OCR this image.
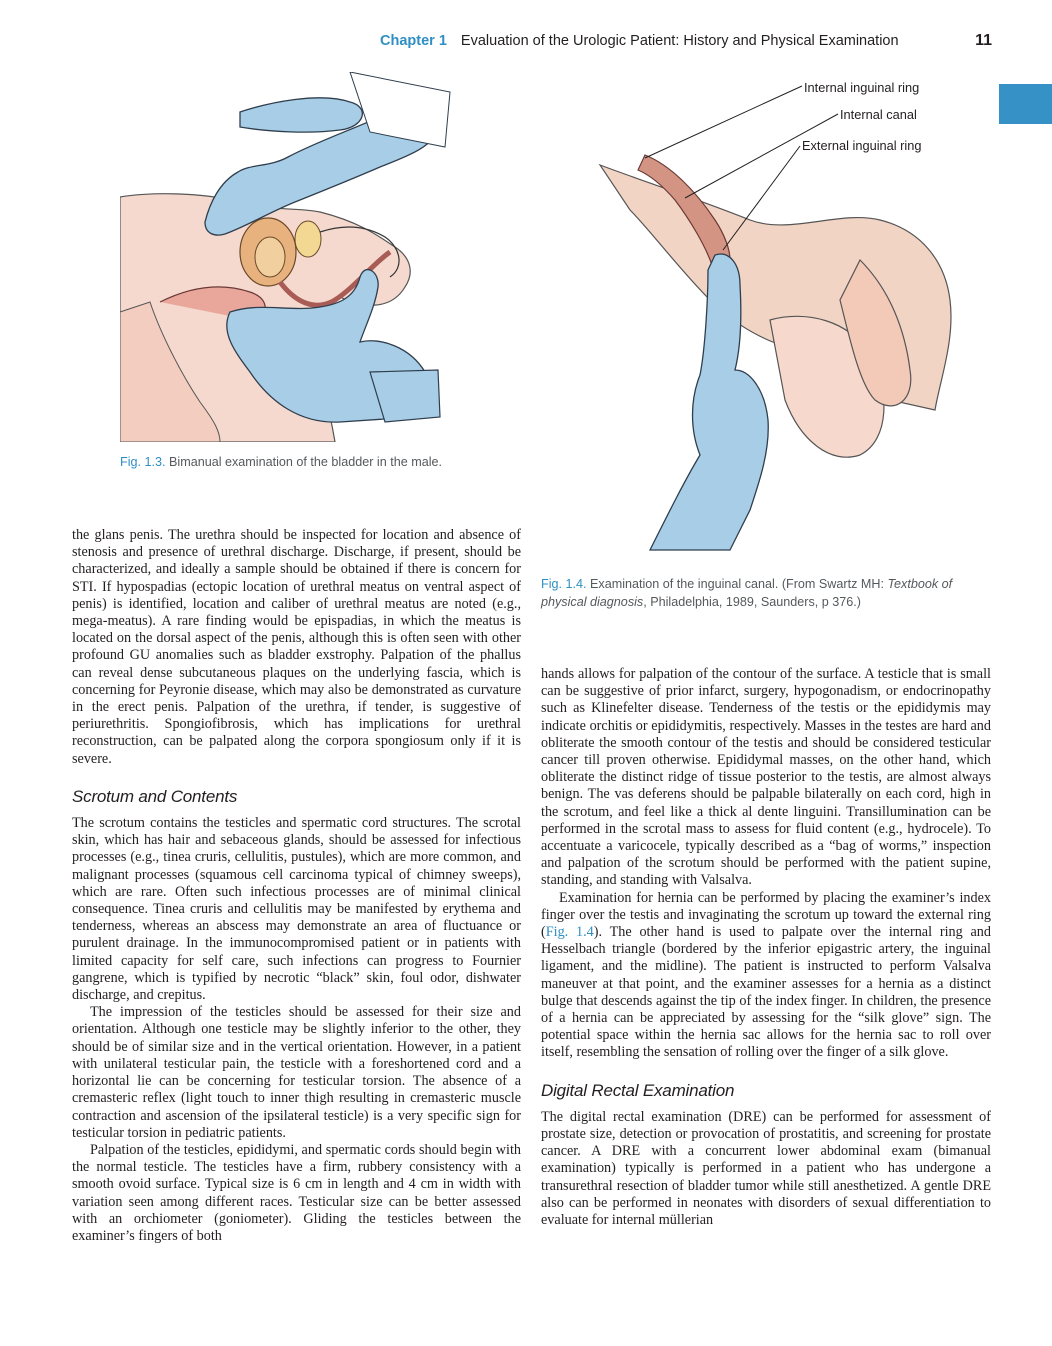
Chapter 1 Evaluation of the Urologic Patient: History and Physical Examination	11
Fig. 1.3. Bimanual examination of the bladder in the male.
Internal inguinal ring
Internal canal
External inguinal ring
Fig. 1.4. Examination of the inguinal canal. (From Swartz MH: Textbook of physical diagnosis, Philadelphia, 1989, Saunders, p 376.)

the glans penis. The urethra should be inspected for location and absence of stenosis and presence of urethral discharge. Discharge, if present, should be characterized, and ideally a sample should be obtained if there is concern for STI. If hypospadias (ectopic location of urethral meatus on ventral aspect of penis) is identified, location and caliber of urethral meatus are noted (e.g., mega-meatus). A rare finding would be epispadias, in which the meatus is located on the dorsal aspect of the penis, although this is often seen with other profound GU anomalies such as bladder exstrophy. Palpation of the phallus can reveal dense subcutaneous plaques on the underlying fascia, which is concerning for Peyronie disease, which may also be demonstrated as curvature in the erect penis. Palpation of the urethra, if tender, is suggestive of periurethritis. Spongiofibrosis, which has implications for urethral reconstruction, can be palpated along the corpora spongiosum only if it is severe.

Scrotum and Contents

The scrotum contains the testicles and spermatic cord structures. The scrotal skin, which has hair and sebaceous glands, should be assessed for infectious processes (e.g., tinea cruris, cellulitis, pustules), which are more common, and malignant processes (squamous cell carcinoma typical of chimney sweeps), which are rare. Often such infectious processes are of minimal clinical consequence. Tinea cruris and cellulitis may be manifested by erythema and tenderness, whereas an abscess may demonstrate an area of fluctuance or purulent drainage. In the immunocompromised patient or in patients with limited capacity for self care, such infections can progress to Fournier gangrene, which is typified by necrotic “black” skin, foul odor, dishwater discharge, and crepitus.

The impression of the testicles should be assessed for their size and orientation. Although one testicle may be slightly inferior to the other, they should be of similar size and in the vertical orientation. However, in a patient with unilateral testicular pain, the testicle with a foreshortened cord and a horizontal lie can be concerning for testicular torsion. The absence of a cremasteric reflex (light touch to inner thigh resulting in cremasteric muscle contraction and ascension of the ipsilateral testicle) is a very specific sign for testicular torsion in pediatric patients.

Palpation of the testicles, epididymi, and spermatic cords should begin with the normal testicle. The testicles have a firm, rubbery consistency with a smooth ovoid surface. Typical size is 6 cm in length and 4 cm in width with variation seen among different races. Testicular size can be better assessed with an orchiometer (goniometer). Gliding the testicles between the examiner’s fingers of both

hands allows for palpation of the contour of the surface. A testicle that is small can be suggestive of prior infarct, surgery, hypogonadism, or endocrinopathy such as Klinefelter disease. Tenderness of the testis or the epididymis may indicate orchitis or epididymitis, respectively. Masses in the testes are hard and obliterate the smooth contour of the testis and should be considered testicular cancer till proven otherwise. Epididymal masses, on the other hand, which obliterate the distinct ridge of tissue posterior to the testis, are almost always benign. The vas deferens should be palpable bilaterally on each cord, high in the scrotum, and feel like a thick al dente linguini. Transillumination can be performed in the scrotal mass to assess for fluid content (e.g., hydrocele). To accentuate a varicocele, typically described as a “bag of worms,” inspection and palpation of the scrotum should be performed with the patient supine, standing, and standing with Valsalva.

Examination for hernia can be performed by placing the examiner’s index finger over the testis and invaginating the scrotum up toward the external ring (Fig. 1.4). The other hand is used to palpate over the internal ring and Hesselbach triangle (bordered by the inferior epigastric artery, the inguinal ligament, and the midline). The patient is instructed to perform Valsalva maneuver at that point, and the examiner assesses for a hernia as a distinct bulge that descends against the tip of the index finger. In children, the presence of a hernia can be appreciated by assessing for the “silk glove” sign. The potential space within the hernia sac allows for the hernia sac to roll over itself, resembling the sensation of rolling over the finger of a silk glove.

Digital Rectal Examination

The digital rectal examination (DRE) can be performed for assessment of prostate size, detection or provocation of prostatitis, and screening for prostate cancer. A DRE with a concurrent lower abdominal exam (bimanual examination) typically is performed in a patient who has undergone a transurethral resection of bladder tumor while still anesthetized. A gentle DRE also can be performed in neonates with disorders of sexual differentiation to evaluate for internal müllerian
